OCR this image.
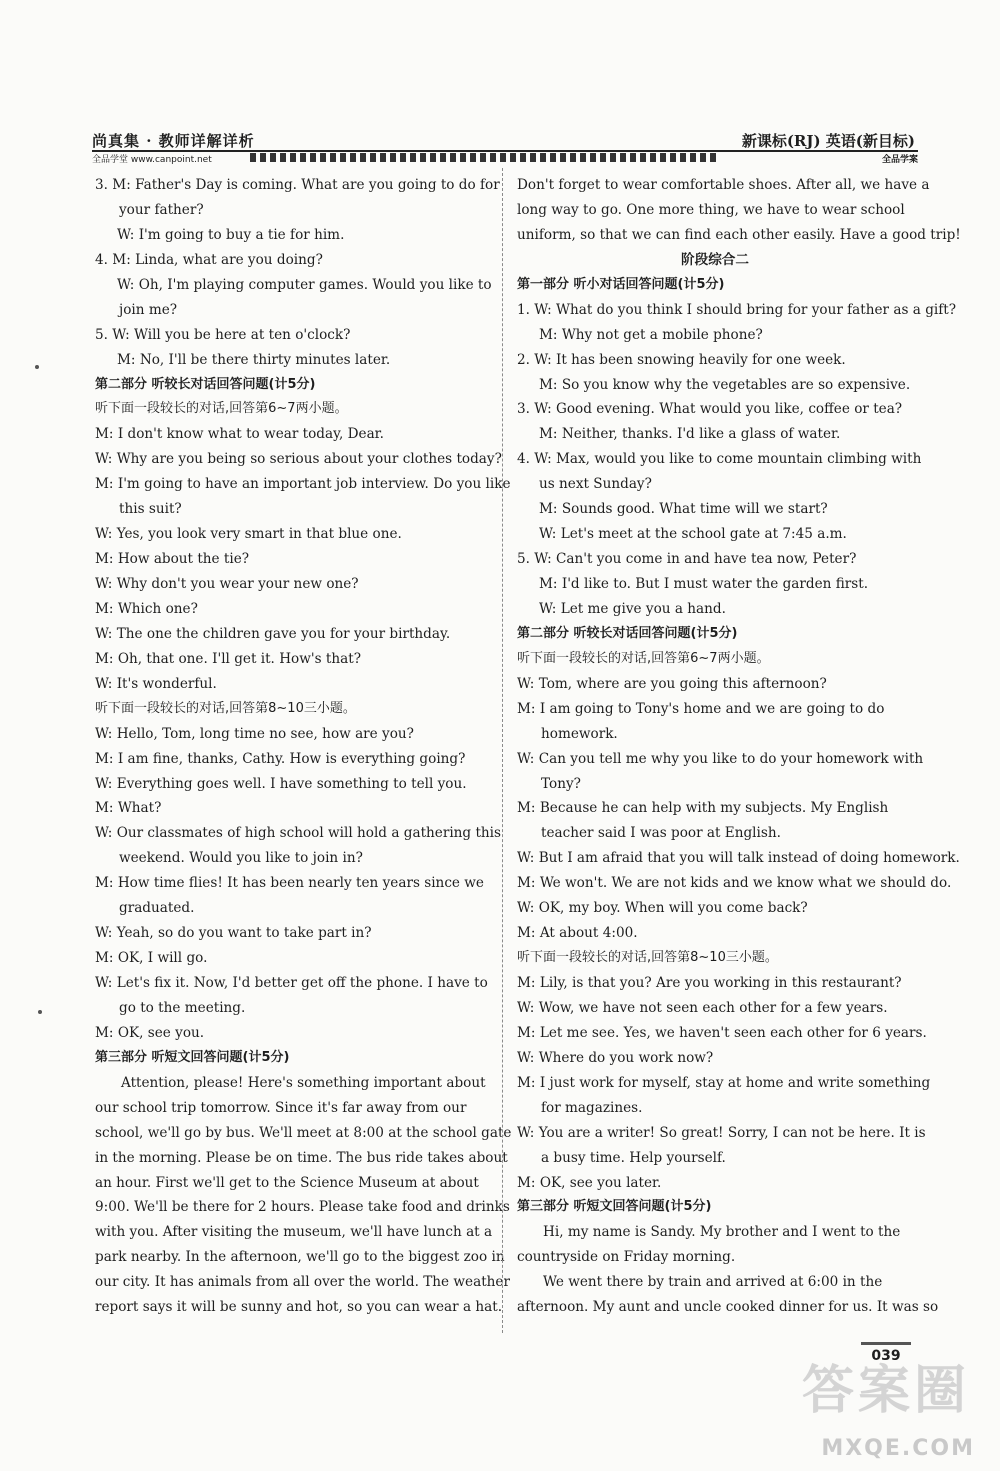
尚真集 · 教师详解详析	新课标(RJ) 英语(新目标)
全品学堂 www.canpoint.net	全品学案
3. M: Father's Day is coming. What are you going to do for
your father?
W: I'm going to buy a tie for him.
4. M: Linda, what are you doing?
W: Oh, I'm playing computer games. Would you like to
join me?
5. W: Will you be here at ten o'clock?
M: No, I'll be there thirty minutes later.
第二部分 听较长对话回答问题(计5分)
听下面一段较长的对话,回答第6~7两小题。
M: I don't know what to wear today, Dear.
W: Why are you being so serious about your clothes today?
M: I'm going to have an important job interview. Do you like
this suit?
W: Yes, you look very smart in that blue one.
M: How about the tie?
W: Why don't you wear your new one?
M: Which one?
W: The one the children gave you for your birthday.
M: Oh, that one. I'll get it. How's that?
W: It's wonderful.
听下面一段较长的对话,回答第8~10三小题。
W: Hello, Tom, long time no see, how are you?
M: I am fine, thanks, Cathy. How is everything going?
W: Everything goes well. I have something to tell you.
M: What?
W: Our classmates of high school will hold a gathering this
weekend. Would you like to join in?
M: How time flies! It has been nearly ten years since we
graduated.
W: Yeah, so do you want to take part in?
M: OK, I will go.
W: Let's fix it. Now, I'd better get off the phone. I have to
go to the meeting.
M: OK, see you.
第三部分 听短文回答问题(计5分)
Attention, please! Here's something important about
our school trip tomorrow. Since it's far away from our
school, we'll go by bus. We'll meet at 8:00 at the school gate
in the morning. Please be on time. The bus ride takes about
an hour. First we'll get to the Science Museum at about
9:00. We'll be there for 2 hours. Please take food and drinks
with you. After visiting the museum, we'll have lunch at a
park nearby. In the afternoon, we'll go to the biggest zoo in
our city. It has animals from all over the world. The weather
report says it will be sunny and hot, so you can wear a hat.
Don't forget to wear comfortable shoes. After all, we have a
long way to go. One more thing, we have to wear school
uniform, so that we can find each other easily. Have a good trip!
阶段综合二
第一部分 听小对话回答问题(计5分)
1. W: What do you think I should bring for your father as a gift?
M: Why not get a mobile phone?
2. W: It has been snowing heavily for one week.
M: So you know why the vegetables are so expensive.
3. W: Good evening. What would you like, coffee or tea?
M: Neither, thanks. I'd like a glass of water.
4. W: Max, would you like to come mountain climbing with
us next Sunday?
M: Sounds good. What time will we start?
W: Let's meet at the school gate at 7:45 a.m.
5. W: Can't you come in and have tea now, Peter?
M: I'd like to. But I must water the garden first.
W: Let me give you a hand.
第二部分 听较长对话回答问题(计5分)
听下面一段较长的对话,回答第6~7两小题。
W: Tom, where are you going this afternoon?
M: I am going to Tony's home and we are going to do
homework.
W: Can you tell me why you like to do your homework with
Tony?
M: Because he can help with my subjects. My English
teacher said I was poor at English.
W: But I am afraid that you will talk instead of doing homework.
M: We won't. We are not kids and we know what we should do.
W: OK, my boy. When will you come back?
M: At about 4:00.
听下面一段较长的对话,回答第8~10三小题。
M: Lily, is that you? Are you working in this restaurant?
W: Wow, we have not seen each other for a few years.
M: Let me see. Yes, we haven't seen each other for 6 years.
W: Where do you work now?
M: I just work for myself, stay at home and write something
for magazines.
W: You are a writer! So great! Sorry, I can not be here. It is
a busy time. Help yourself.
M: OK, see you later.
第三部分 听短文回答问题(计5分)
Hi, my name is Sandy. My brother and I went to the
countryside on Friday morning.
We went there by train and arrived at 6:00 in the
afternoon. My aunt and uncle cooked dinner for us. It was so
039
答案圈
MXQE.COM
